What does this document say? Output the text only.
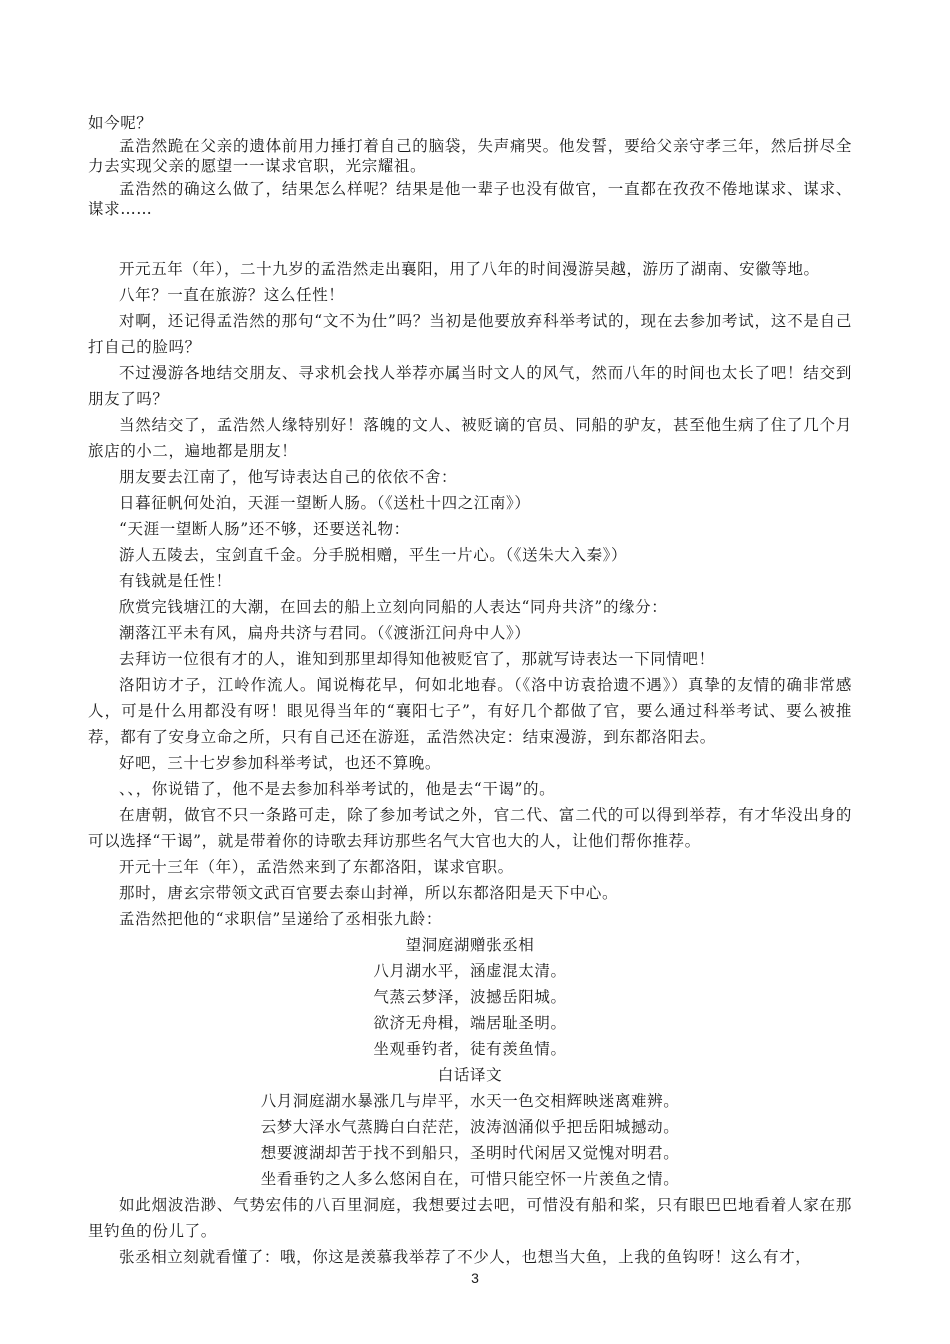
如今呢？

孟浩然跪在父亲的遗体前用力捶打着自己的脑袋，失声痛哭。他发誓，要给父亲守孝三年，然后拼尽全力去实现父亲的愿望一一谋求官职，光宗耀祖。

孟浩然的确这么做了，结果怎么样呢？结果是他一辈子也没有做官，一直都在孜孜不倦地谋求、谋求、谋求……

开元五年（年），二十九岁的孟浩然走出襄阳，用了八年的时间漫游吴越，游历了湖南、安徽等地。

八年？一直在旅游？这么任性！

对啊，还记得孟浩然的那句“文不为仕”吗？当初是他要放弃科举考试的，现在去参加考试，这不是自己打自己的脸吗？

不过漫游各地结交朋友、寻求机会找人举荐亦属当时文人的风气，然而八年的时间也太长了吧！结交到朋友了吗？

当然结交了，孟浩然人缘特别好！落魄的文人、被贬谪的官员、同船的驴友，甚至他生病了住了几个月旅店的小二，遍地都是朋友！

朋友要去江南了，他写诗表达自己的依依不舍：

日暮征帆何处泊，天涯一望断人肠。（《送杜十四之江南》）

“天涯一望断人肠”还不够，还要送礼物：

游人五陵去，宝剑直千金。分手脱相赠，平生一片心。（《送朱大入秦》）

有钱就是任性！

欣赏完钱塘江的大潮，在回去的船上立刻向同船的人表达“同舟共济”的缘分：

潮落江平未有风，扁舟共济与君同。（《渡浙江问舟中人》）

去拜访一位很有才的人，谁知到那里却得知他被贬官了，那就写诗表达一下同情吧！

洛阳访才子，江岭作流人。闻说梅花早，何如北地春。（《洛中访袁拾遗不遇》）真挚的友情的确非常感人，可是什么用都没有呀！眼见得当年的“襄阳七子”，有好几个都做了官，要么通过科举考试、要么被推荐，都有了安身立命之所，只有自己还在游逛，孟浩然决定：结束漫游，到东都洛阳去。

好吧，三十七岁参加科举考试，也还不算晚。

、、，你说错了，他不是去参加科举考试的，他是去“干谒”的。

在唐朝，做官不只一条路可走，除了参加考试之外，官二代、富二代的可以得到举荐，有才华没出身的可以选择“干谒”，就是带着你的诗歌去拜访那些名气大官也大的人，让他们帮你推荐。

开元十三年（年），孟浩然来到了东都洛阳，谋求官职。

那时，唐玄宗带领文武百官要去泰山封禅，所以东都洛阳是天下中心。

孟浩然把他的“求职信”呈递给了丞相张九龄：

望洞庭湖赠张丞相

八月湖水平，涵虚混太清。

气蒸云梦泽，波撼岳阳城。

欲济无舟楫，端居耻圣明。

坐观垂钓者，徒有羡鱼情。

白话译文

八月洞庭湖水暴涨几与岸平，水天一色交相辉映迷离难辨。

云梦大泽水气蒸腾白白茫茫，波涛汹涌似乎把岳阳城撼动。

想要渡湖却苦于找不到船只，圣明时代闲居又觉愧对明君。

坐看垂钓之人多么悠闲自在，可惜只能空怀一片羡鱼之情。

如此烟波浩渺、气势宏伟的八百里洞庭，我想要过去吧，可惜没有船和桨，只有眼巴巴地看着人家在那里钓鱼的份儿了。

张丞相立刻就看懂了：哦，你这是羡慕我举荐了不少人，也想当大鱼，上我的鱼钩呀！这么有才，

3
